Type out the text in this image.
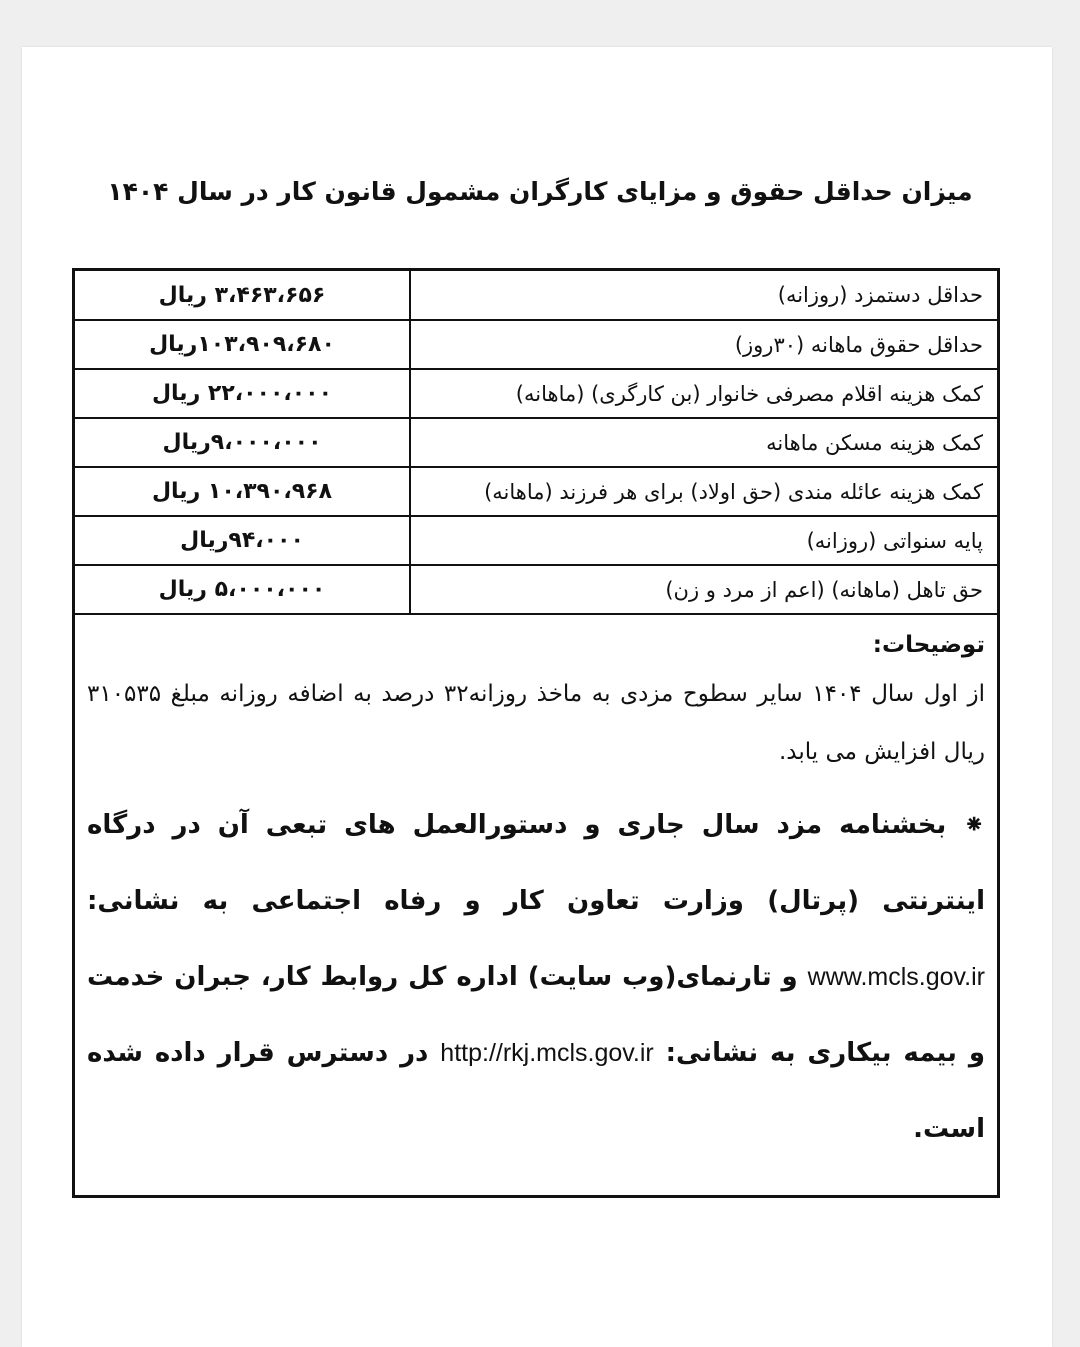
میزان حداقل حقوق و مزایای کارگران مشمول قانون کار در سال ۱۴۰۴
حداقل دستمزد (روزانه)	۳،۴۶۳،۶۵۶ ریال
حداقل حقوق ماهانه (۳۰روز)	۱۰۳،۹۰۹،۶۸۰ریال
کمک هزینه اقلام مصرفی خانوار (بن کارگری) (ماهانه)	۲۲،۰۰۰،۰۰۰ ریال
کمک هزینه مسکن ماهانه	۹،۰۰۰،۰۰۰ریال
کمک هزینه عائله مندی (حق اولاد) برای هر فرزند (ماهانه)	۱۰،۳۹۰،۹۶۸ ریال
پایه سنواتی (روزانه)	۹۴،۰۰۰ریال
حق تاهل (ماهانه) (اعم از مرد و زن)	۵،۰۰۰،۰۰۰ ریال
توضیحات:
از اول سال ۱۴۰۴ سایر سطوح مزدی به ماخذ روزانه۳۲ درصد به اضافه روزانه مبلغ ۳۱۰۵۳۵ ریال افزایش می یابد.
⁕ بخشنامه مزد سال جاری و دستورالعمل های تبعی آن در درگاه اینترنتی (پرتال) وزارت تعاون کار و رفاه اجتماعی به نشانی: www.mcls.gov.ir و تارنمای(وب سایت) اداره کل روابط کار، جبران خدمت و بیمه بیکاری به نشانی: http://rkj.mcls.gov.ir در دسترس قرار داده شده است.
